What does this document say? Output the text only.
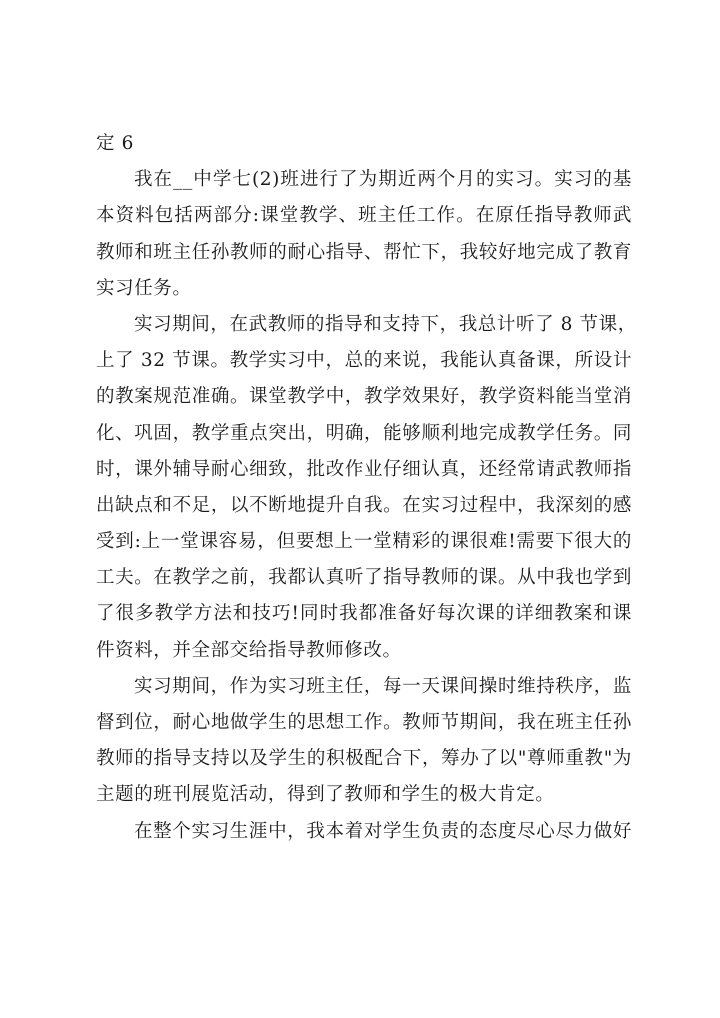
定 6
我在__中学七(2)班进行了为期近两个月的实习。实习的基
本资料包括两部分:课堂教学、班主任工作。在原任指导教师武
教师和班主任孙教师的耐心指导、帮忙下，我较好地完成了教育
实习任务。
实习期间，在武教师的指导和支持下，我总计听了 8 节课，
上了 32 节课。教学实习中，总的来说，我能认真备课，所设计
的教案规范准确。课堂教学中，教学效果好，教学资料能当堂消
化、巩固，教学重点突出，明确，能够顺利地完成教学任务。同
时，课外辅导耐心细致，批改作业仔细认真，还经常请武教师指
出缺点和不足，以不断地提升自我。在实习过程中，我深刻的感
受到:上一堂课容易，但要想上一堂精彩的课很难!需要下很大的
工夫。在教学之前，我都认真听了指导教师的课。从中我也学到
了很多教学方法和技巧!同时我都准备好每次课的详细教案和课
件资料，并全部交给指导教师修改。
实习期间，作为实习班主任，每一天课间操时维持秩序，监
督到位，耐心地做学生的思想工作。教师节期间，我在班主任孙
教师的指导支持以及学生的积极配合下，筹办了以"尊师重教"为
主题的班刊展览活动，得到了教师和学生的极大肯定。
在整个实习生涯中，我本着对学生负责的态度尽心尽力做好
